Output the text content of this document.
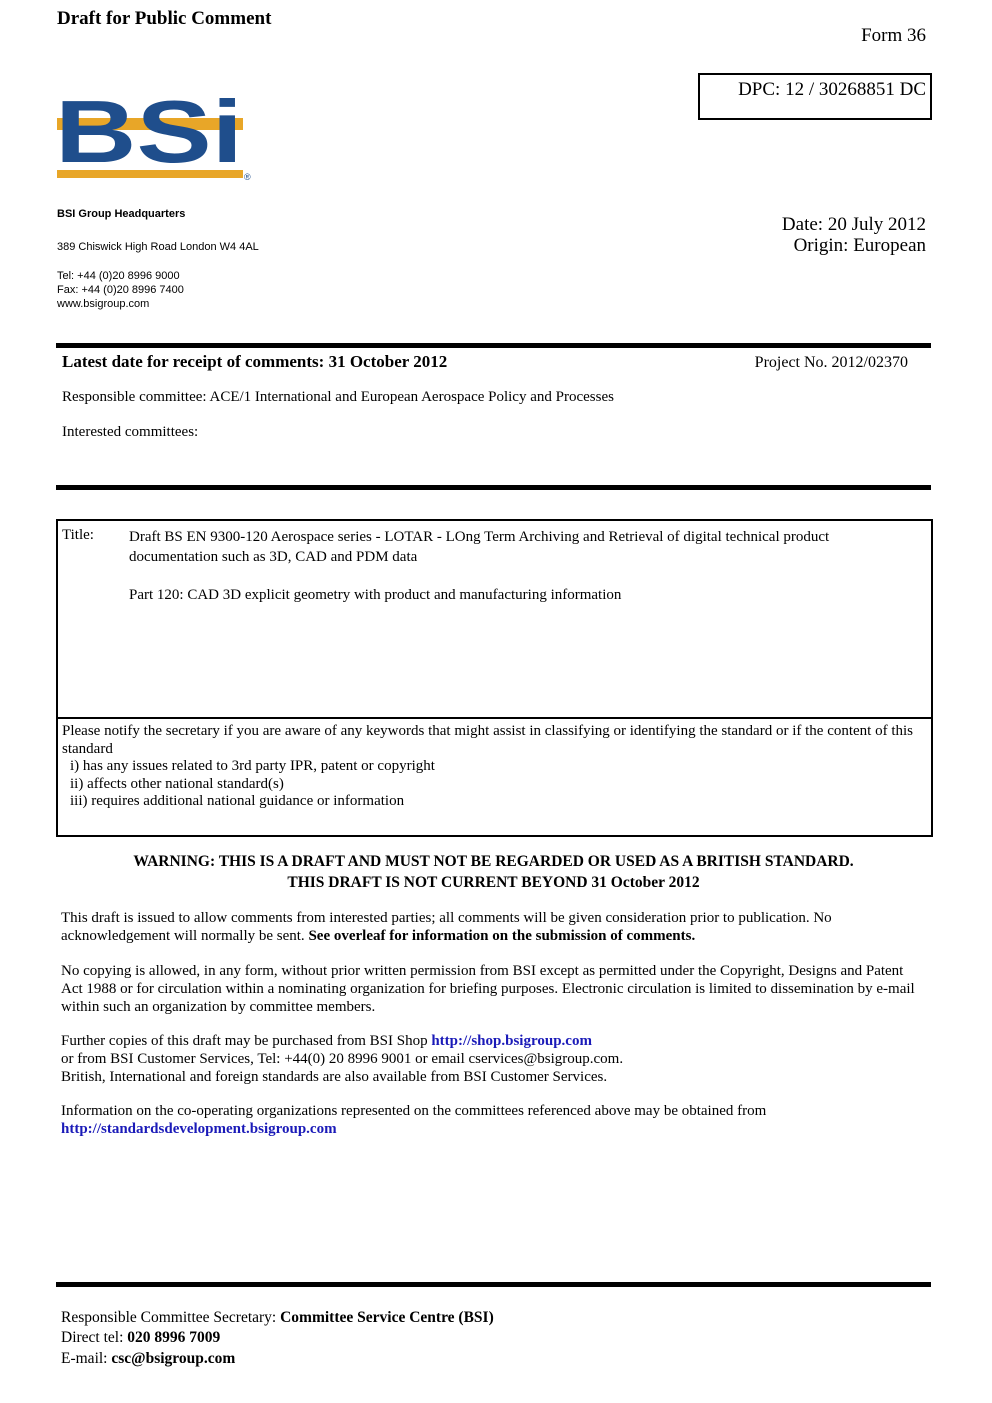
Draft for Public Comment
Form 36
DPC: 12 / 30268851 DC
BSi ®
BSI Group Headquarters
389 Chiswick High Road London W4 4AL
Tel: +44 (0)20 8996 9000
Fax: +44 (0)20 8996 7400
www.bsigroup.com
Date: 20 July 2012
Origin: European
Latest date for receipt of comments: 31 October 2012	Project No. 2012/02370
Responsible committee: ACE/1 International and European Aerospace Policy and Processes
Interested committees:
Title: Draft BS EN 9300-120 Aerospace series - LOTAR - LOng Term Archiving and Retrieval of digital technical product documentation such as 3D, CAD and PDM data
Part 120: CAD 3D explicit geometry with product and manufacturing information
Please notify the secretary if you are aware of any keywords that might assist in classifying or identifying the standard or if the content of this standard
i) has any issues related to 3rd party IPR, patent or copyright
ii) affects other national standard(s)
iii) requires additional national guidance or information
WARNING: THIS IS A DRAFT AND MUST NOT BE REGARDED OR USED AS A BRITISH STANDARD.
THIS DRAFT IS NOT CURRENT BEYOND 31 October 2012
This draft is issued to allow comments from interested parties; all comments will be given consideration prior to publication. No acknowledgement will normally be sent. See overleaf for information on the submission of comments.
No copying is allowed, in any form, without prior written permission from BSI except as permitted under the Copyright, Designs and Patent Act 1988 or for circulation within a nominating organization for briefing purposes. Electronic circulation is limited to dissemination by e-mail within such an organization by committee members.
Further copies of this draft may be purchased from BSI Shop http://shop.bsigroup.com
or from BSI Customer Services, Tel: +44(0) 20 8996 9001 or email cservices@bsigroup.com.
British, International and foreign standards are also available from BSI Customer Services.
Information on the co-operating organizations represented on the committees referenced above may be obtained from
http://standardsdevelopment.bsigroup.com
Responsible Committee Secretary: Committee Service Centre (BSI)
Direct tel: 020 8996 7009
E-mail: csc@bsigroup.com
